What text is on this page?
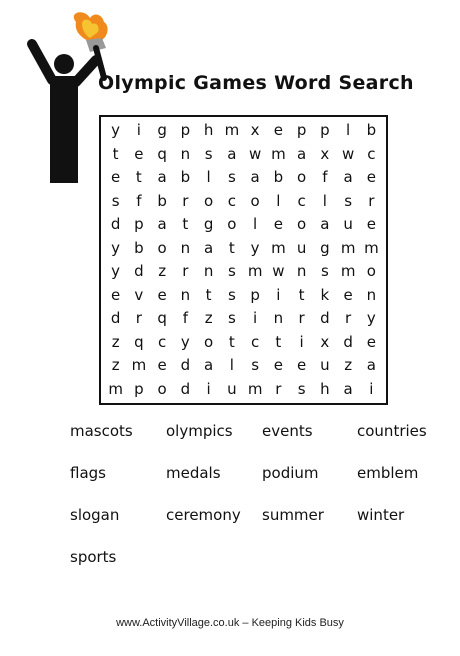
Olympic Games Word Search
y	i	g p h m x e p p	l	b
t	e q n s a w m a x w c
e	t	a b	l	s a b o	f	a e
s	f	b	r	o c o	l	c	l	s	r
d p a	t	g o	l	e o a u e
y b o n a	t	y m u g m m
y d z	r	n s m w n s m o
e v e n	t	s p	i	t	k e n
d	r	q	f	z	s	i	n	r	d	r	y
z q c y o	t	c	t	i	x d e
z m e d a	l	s e e u z a
m p o d	i	u m r	s h a	i
mascots olympics events	countries
flags	medals	podium	emblem
slogan	ceremony summer winter
sports
www.ActivityVillage.co.uk – Keeping Kids Busy
